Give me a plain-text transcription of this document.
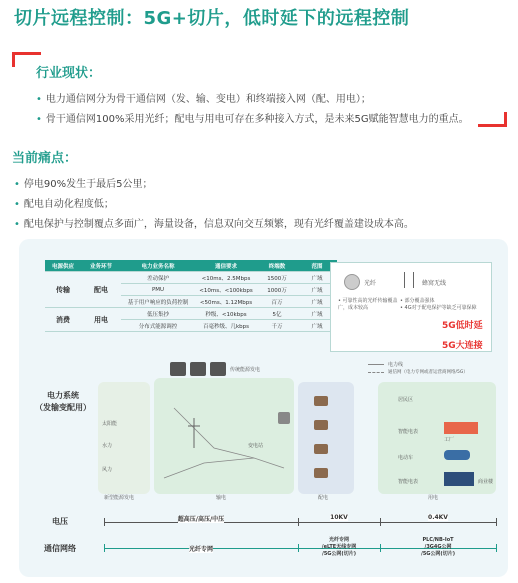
切片远程控制：5G+切片，低时延下的远程控制
行业现状：
• 电力通信网分为骨干通信网（发、输、变电）和终端接入网（配、用电）；
• 骨干通信网100%采用光纤；配电与用电可存在多种接入方式，是未来5G赋能智慧电力的重点。
当前痛点：
• 停电90%发生于最后5公里；
• 配电自动化程度低；
• 配电保护与控制覆点多面广，海量设备，信息双向交互频繁，现有光纤覆盖建设成本高。
电源供应	业务环节	电力业务名称	通信要求	终端数	范围
传输	配电	差动保护	<10ms、2.5Mbps	1500万	广域
		PMU	<10ms、<100kbps	1000万	广域
		基于用户响应的负荷控制	<50ms、1.12Mbps	百万	广域
消费	用电	低压集抄	秒级、<10kbps	5亿	广域
		分布式能源调控	百毫秒级、几kbps	千万	广域
光纤	蜂窝无线
• 可靠性高的光纤传输覆盖广，成本较高
• 部分覆盖强体
• 4G对于配电保护等缺乏可靠保障
5G低时延
5G大连接
电力系统
（发输变配用）
传统能源发电
电力线
通信网（电力专网或者运营商网络/5G）
太阳能
水力
风力
变电站
居民区
智能电表
电动车
智能电表
工厂
商业楼
新型能源发电	输电	配电	用电
电压	超高压/高压/中压	10KV	0.4KV
通信网络	光纤专网
光纤专网
/eLTE无线专网
/5G公网(切片)
PLC/NB-IoT
/3G4G公网
/5G公网(切片)
